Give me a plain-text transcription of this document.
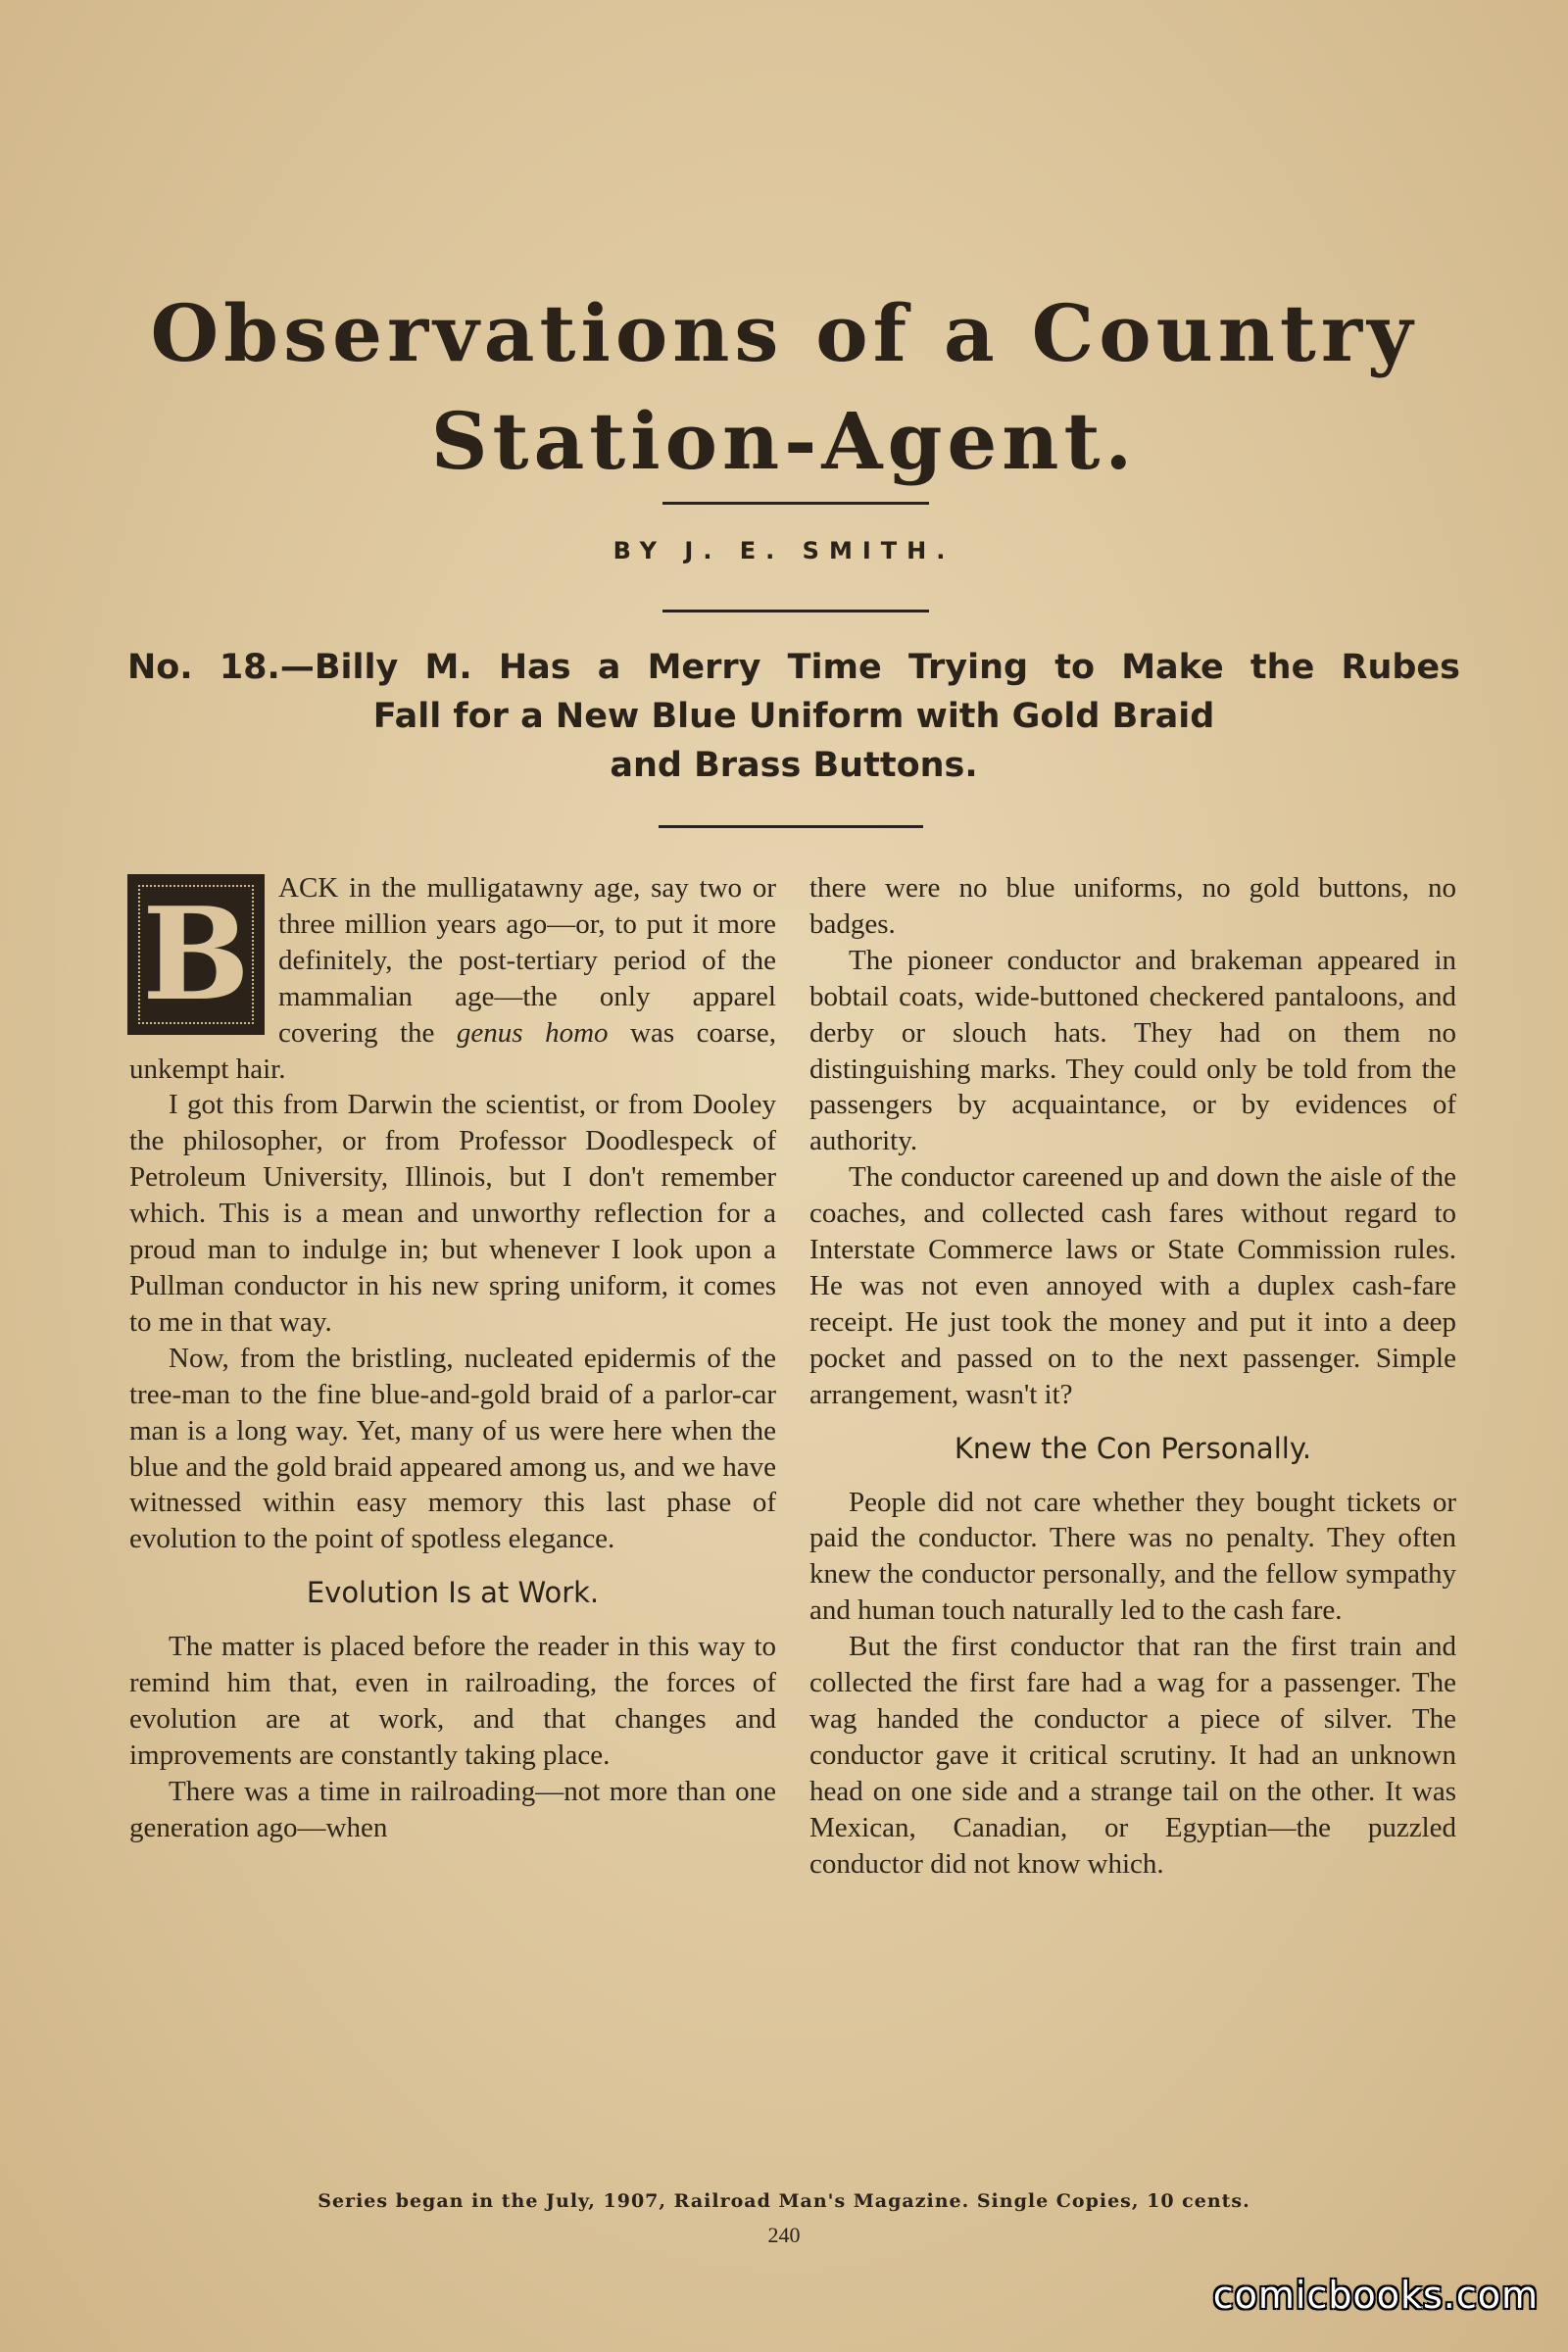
Observations of a Country
Station-Agent.
BY J. E. SMITH.
No. 18.—Billy M. Has a Merry Time Trying to Make the Rubes
Fall for a New Blue Uniform with Gold Braid
and Brass Buttons.

B	ACK in the mulligatawny age, say two or three million years ago—or, to put it more definitely, the post-tertiary period of the mammalian age—the only apparel covering the genus homo was coarse, unkempt hair.

I got this from Darwin the scientist, or from Dooley the philosopher, or from Professor Doodlespeck of Petroleum University, Illinois, but I don't remember which. This is a mean and unworthy reflection for a proud man to indulge in; but whenever I look upon a Pullman conductor in his new spring uniform, it comes to me in that way.

Now, from the bristling, nucleated epidermis of the tree-man to the fine blue-and-gold braid of a parlor-car man is a long way. Yet, many of us were here when the blue and the gold braid appeared among us, and we have witnessed within easy memory this last phase of evolution to the point of spotless elegance.

Evolution Is at Work.

The matter is placed before the reader in this way to remind him that, even in railroading, the forces of evolution are at work, and that changes and improvements are constantly taking place.

There was a time in railroading—not more than one generation ago—when

there were no blue uniforms, no gold buttons, no badges.

The pioneer conductor and brakeman appeared in bobtail coats, wide-buttoned checkered pantaloons, and derby or slouch hats. They had on them no distinguishing marks. They could only be told from the passengers by acquaintance, or by evidences of authority.

The conductor careened up and down the aisle of the coaches, and collected cash fares without regard to Interstate Commerce laws or State Commission rules. He was not even annoyed with a duplex cash-fare receipt. He just took the money and put it into a deep pocket and passed on to the next passenger. Simple arrangement, wasn't it?

Knew the Con Personally.

People did not care whether they bought tickets or paid the conductor. There was no penalty. They often knew the conductor personally, and the fellow sympathy and human touch naturally led to the cash fare.

But the first conductor that ran the first train and collected the first fare had a wag for a passenger. The wag handed the conductor a piece of silver. The conductor gave it critical scrutiny. It had an unknown head on one side and a strange tail on the other. It was Mexican, Canadian, or Egyptian—the puzzled conductor did not know which.

Series began in the July, 1907, Railroad Man's Magazine. Single Copies, 10 cents.
240
comicbooks.com
